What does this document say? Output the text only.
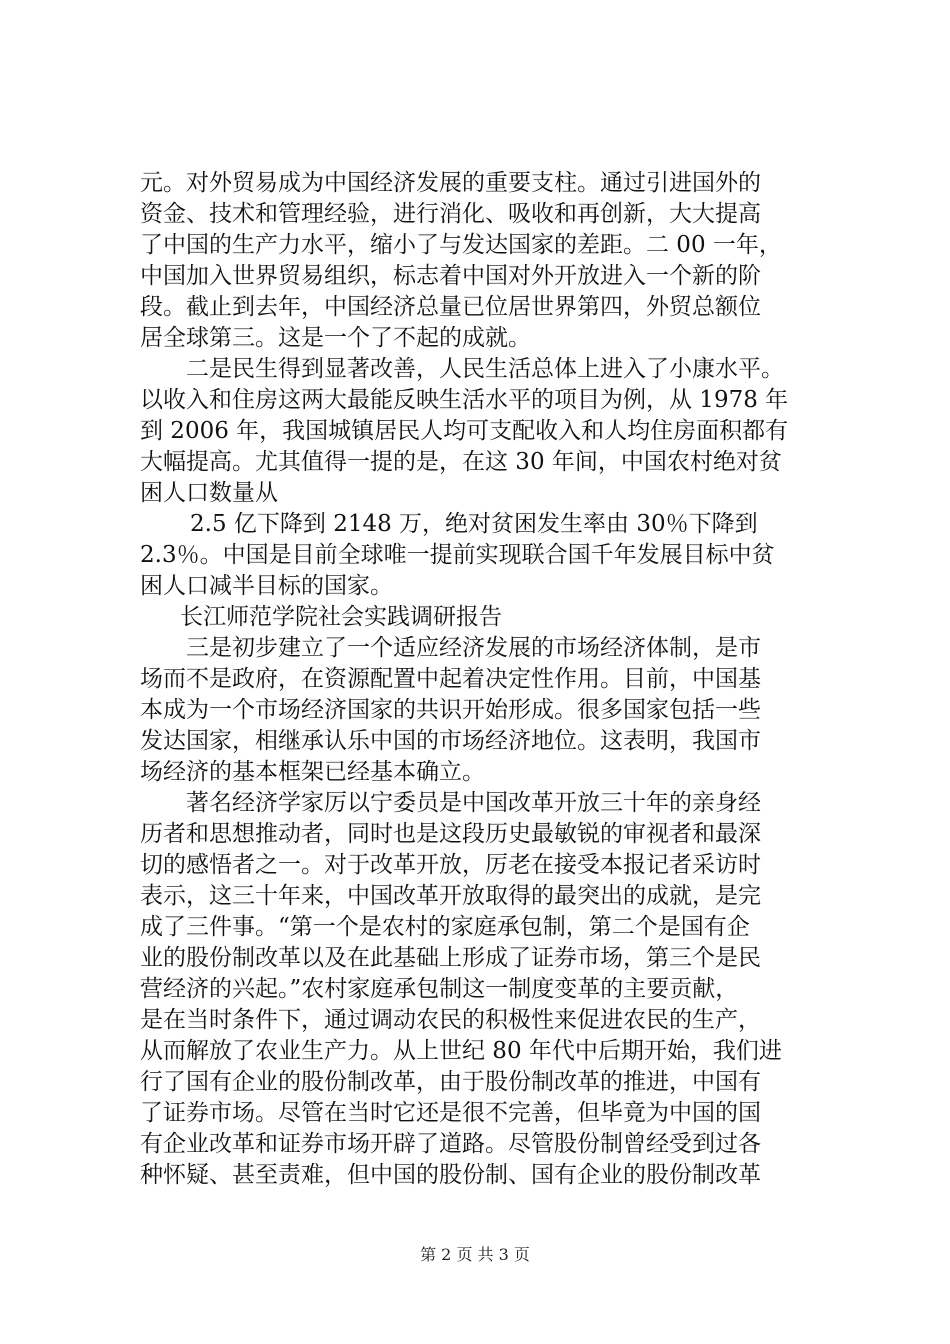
元。对外贸易成为中国经济发展的重要支柱。通过引进国外的
资金、技术和管理经验，进行消化、吸收和再创新，大大提高
了中国的生产力水平，缩小了与发达国家的差距。二 00 一年，
中国加入世界贸易组织，标志着中国对外开放进入一个新的阶
段。截止到去年，中国经济总量已位居世界第四，外贸总额位
居全球第三。这是一个了不起的成就。
二是民生得到显著改善，人民生活总体上进入了小康水平。
以收入和住房这两大最能反映生活水平的项目为例，从 1978 年
到 2006 年，我国城镇居民人均可支配收入和人均住房面积都有
大幅提高。尤其值得一提的是，在这 30 年间，中国农村绝对贫
困人口数量从
2.5 亿下降到 2148 万，绝对贫困发生率由 30％下降到
2.3％。中国是目前全球唯一提前实现联合国千年发展目标中贫
困人口减半目标的国家。
长江师范学院社会实践调研报告
三是初步建立了一个适应经济发展的市场经济体制，是市
场而不是政府，在资源配置中起着决定性作用。目前，中国基
本成为一个市场经济国家的共识开始形成。很多国家包括一些
发达国家，相继承认乐中国的市场经济地位。这表明，我国市
场经济的基本框架已经基本确立。
著名经济学家厉以宁委员是中国改革开放三十年的亲身经
历者和思想推动者，同时也是这段历史最敏锐的审视者和最深
切的感悟者之一。对于改革开放，厉老在接受本报记者采访时
表示，这三十年来，中国改革开放取得的最突出的成就，是完
成了三件事。“第一个是农村的家庭承包制，第二个是国有企
业的股份制改革以及在此基础上形成了证券市场，第三个是民
营经济的兴起。”农村家庭承包制这一制度变革的主要贡献，
是在当时条件下，通过调动农民的积极性来促进农民的生产，
从而解放了农业生产力。从上世纪 80 年代中后期开始，我们进
行了国有企业的股份制改革，由于股份制改革的推进，中国有
了证券市场。尽管在当时它还是很不完善，但毕竟为中国的国
有企业改革和证券市场开辟了道路。尽管股份制曾经受到过各
种怀疑、甚至责难，但中国的股份制、国有企业的股份制改革
第 2 页 共 3 页
